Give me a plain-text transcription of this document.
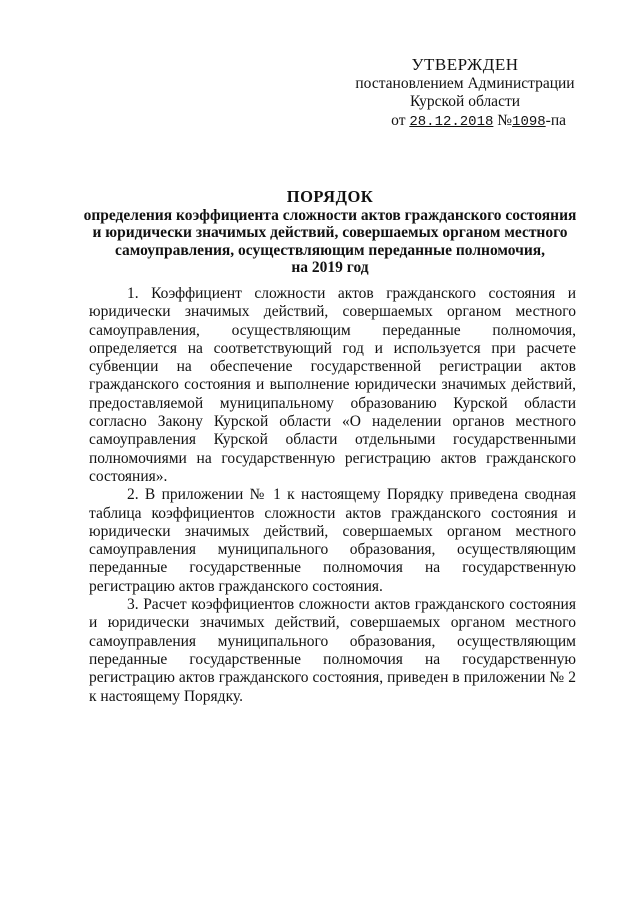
УТВЕРЖДЕН
постановлением Администрации
Курской области
от 28.12.2018 №1098-па
ПОРЯДОК
определения коэффициента сложности актов гражданского состояния
и юридически значимых действий, совершаемых органом местного
самоуправления, осуществляющим переданные полномочия,
на 2019 год

1. Коэффициент сложности актов гражданского состояния и юридически значимых действий, совершаемых органом местного самоуправления, осуществляющим переданные полномочия, определяется на соответствующий год и используется при расчете субвенции на обеспечение государственной регистрации актов гражданского состояния и выполнение юридически значимых действий, предоставляемой муниципальному образованию Курской области согласно Закону Курской области «О наделении органов местного самоуправления Курской области отдельными государственными полномочиями на государственную регистрацию актов гражданского состояния».

2. В приложении № 1 к настоящему Порядку приведена сводная таблица коэффициентов сложности актов гражданского состояния и юридически значимых действий, совершаемых органом местного самоуправления муниципального образования, осуществляющим переданные государственные полномочия на государственную регистрацию актов гражданского состояния.

3. Расчет коэффициентов сложности актов гражданского состояния и юридически значимых действий, совершаемых органом местного самоуправления муниципального образования, осуществляющим переданные государственные полномочия на государственную регистрацию актов гражданского состояния, приведен в приложении № 2 к настоящему Порядку.
